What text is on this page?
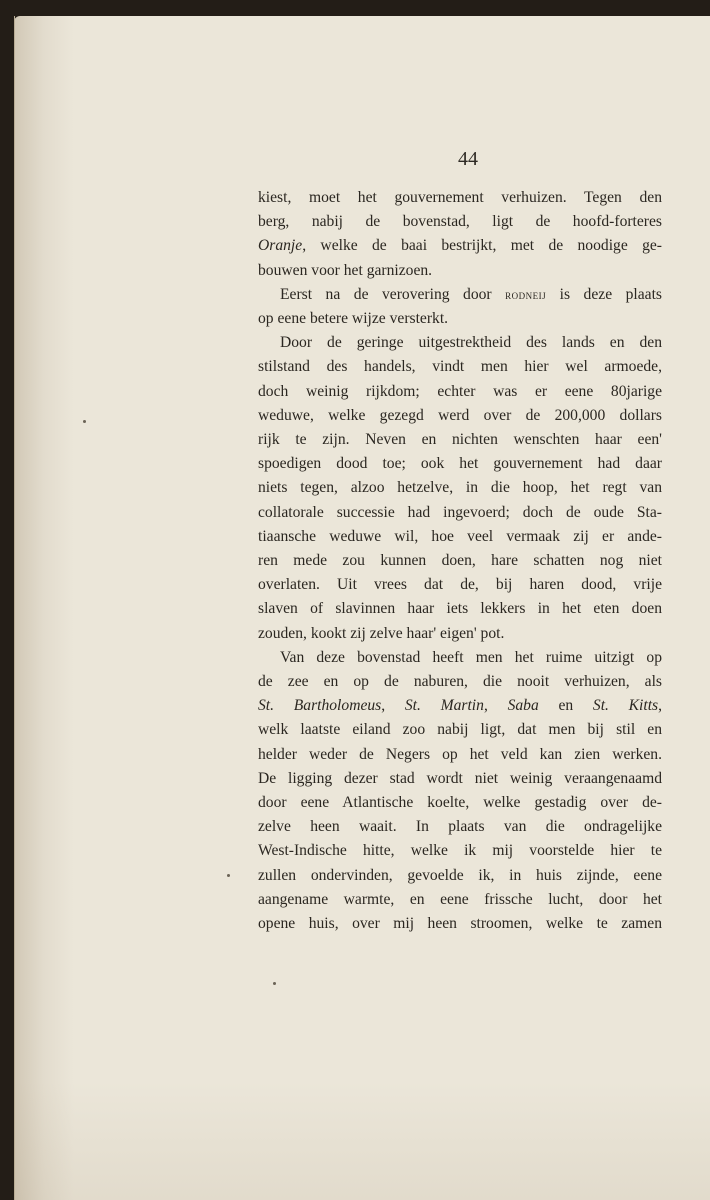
44
kiest, moet het gouvernement verhuizen. Tegen den
berg, nabij de bovenstad, ligt de hoofd-forteres
Oranje, welke de baai bestrijkt, met de noodige ge-
bouwen voor het garnizoen.
Eerst na de verovering door rodneij is deze plaats
op eene betere wijze versterkt.
Door de geringe uitgestrektheid des lands en den
stilstand des handels, vindt men hier wel armoede,
doch weinig rijkdom; echter was er eene 80jarige
weduwe, welke gezegd werd over de 200,000 dollars
rijk te zijn. Neven en nichten wenschten haar een'
spoedigen dood toe; ook het gouvernement had daar
niets tegen, alzoo hetzelve, in die hoop, het regt van
collatorale successie had ingevoerd; doch de oude Sta-
tiaansche weduwe wil, hoe veel vermaak zij er ande-
ren mede zou kunnen doen, hare schatten nog niet
overlaten. Uit vrees dat de, bij haren dood, vrije
slaven of slavinnen haar iets lekkers in het eten doen
zouden, kookt zij zelve haar' eigen' pot.
Van deze bovenstad heeft men het ruime uitzigt op
de zee en op de naburen, die nooit verhuizen, als
St. Bartholomeus, St. Martin, Saba en St. Kitts,
welk laatste eiland zoo nabij ligt, dat men bij stil en
helder weder de Negers op het veld kan zien werken.
De ligging dezer stad wordt niet weinig veraangenaamd
door eene Atlantische koelte, welke gestadig over de-
zelve heen waait. In plaats van die ondragelijke
West-Indische hitte, welke ik mij voorstelde hier te
zullen ondervinden, gevoelde ik, in huis zijnde, eene
aangename warmte, en eene frissche lucht, door het
opene huis, over mij heen stroomen, welke te zamen
